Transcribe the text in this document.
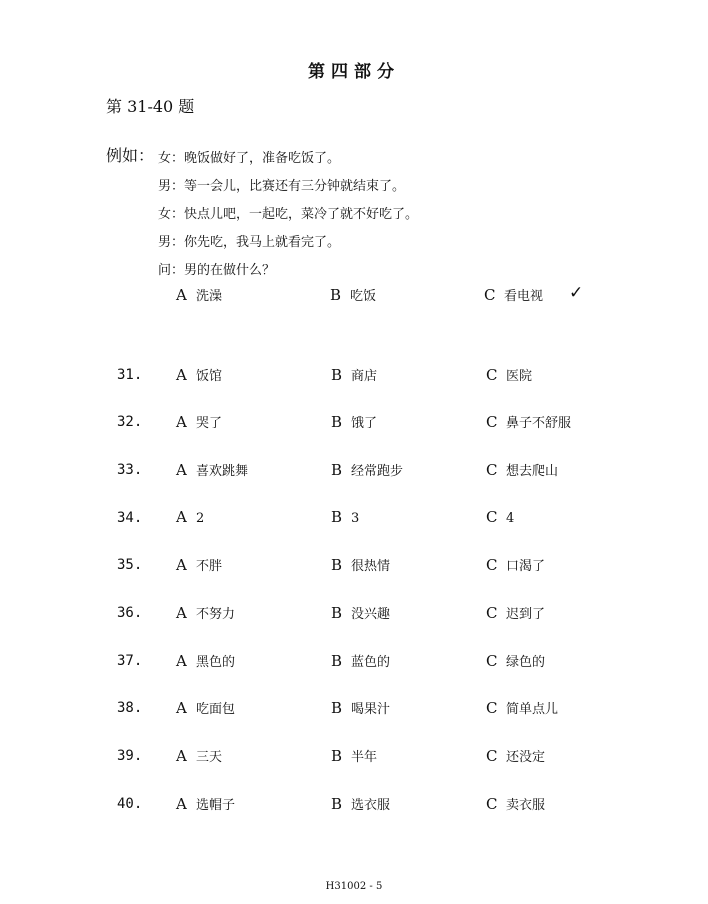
第四部分
第 31-40 题
例如： 女：晚饭做好了，准备吃饭了。
男：等一会儿，比赛还有三分钟就结束了。
女：快点儿吧，一起吃，菜冷了就不好吃了。
男：你先吃，我马上就看完了。
问：男的在做什么？
A 洗澡	B 吃饭	C 看电视 ✓
31. A 饭馆	B 商店	C 医院
32. A 哭了	B 饿了	C 鼻子不舒服
33. A 喜欢跳舞	B 经常跑步	C 想去爬山
34. A 2	B 3	C 4
35. A 不胖	B 很热情	C 口渴了
36. A 不努力	B 没兴趣	C 迟到了
37. A 黑色的	B 蓝色的	C 绿色的
38. A 吃面包	B 喝果汁	C 简单点儿
39. A 三天	B 半年	C 还没定
40. A 选帽子	B 选衣服	C 卖衣服
H31002 - 5
